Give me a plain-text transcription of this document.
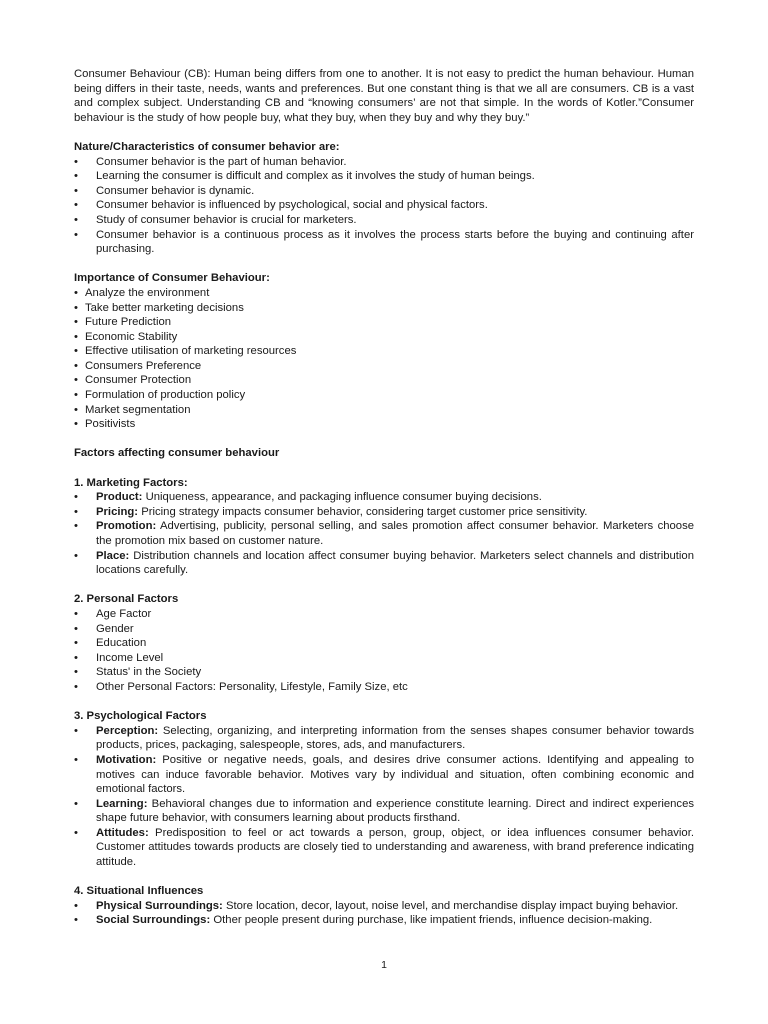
Consumer Behaviour (CB): Human being differs from one to another. It is not easy to predict the human behaviour. Human being differs in their taste, needs, wants and preferences. But one constant thing is that we all are consumers. CB is a vast and complex subject. Understanding CB and “knowing consumers’ are not that simple. In the words of Kotler.”Consumer behaviour is the study of how people buy, what they buy, when they buy and why they buy.”

Nature/Characteristics of consumer behavior are:
• Consumer behavior is the part of human behavior.
• Learning the consumer is difficult and complex as it involves the study of human beings.
• Consumer behavior is dynamic.
• Consumer behavior is influenced by psychological, social and physical factors.
• Study of consumer behavior is crucial for marketers.
• Consumer behavior is a continuous process as it involves the process starts before the buying and continuing after purchasing.
Importance of Consumer Behaviour:
• Analyze the environment
• Take better marketing decisions
• Future Prediction
• Economic Stability
• Effective utilisation of marketing resources
• Consumers Preference
• Consumer Protection
• Formulation of production policy
• Market segmentation
• Positivists
Factors affecting consumer behaviour
1. Marketing Factors:
• Product: Uniqueness, appearance, and packaging influence consumer buying decisions.
• Pricing: Pricing strategy impacts consumer behavior, considering target customer price sensitivity.
• Promotion: Advertising, publicity, personal selling, and sales promotion affect consumer behavior. Marketers choose the promotion mix based on customer nature.
• Place: Distribution channels and location affect consumer buying behavior. Marketers select channels and distribution locations carefully.
2. Personal Factors
• Age Factor
• Gender
• Education
• Income Level
• Status' in the Society
• Other Personal Factors: Personality, Lifestyle, Family Size, etc
3. Psychological Factors
• Perception: Selecting, organizing, and interpreting information from the senses shapes consumer behavior towards products, prices, packaging, salespeople, stores, ads, and manufacturers.
• Motivation: Positive or negative needs, goals, and desires drive consumer actions. Identifying and appealing to motives can induce favorable behavior. Motives vary by individual and situation, often combining economic and emotional factors.
• Learning: Behavioral changes due to information and experience constitute learning. Direct and indirect experiences shape future behavior, with consumers learning about products firsthand.
• Attitudes: Predisposition to feel or act towards a person, group, object, or idea influences consumer behavior. Customer attitudes towards products are closely tied to understanding and awareness, with brand preference indicating attitude.
4. Situational Influences
• Physical Surroundings: Store location, decor, layout, noise level, and merchandise display impact buying behavior.
• Social Surroundings: Other people present during purchase, like impatient friends, influence decision-making.
1
